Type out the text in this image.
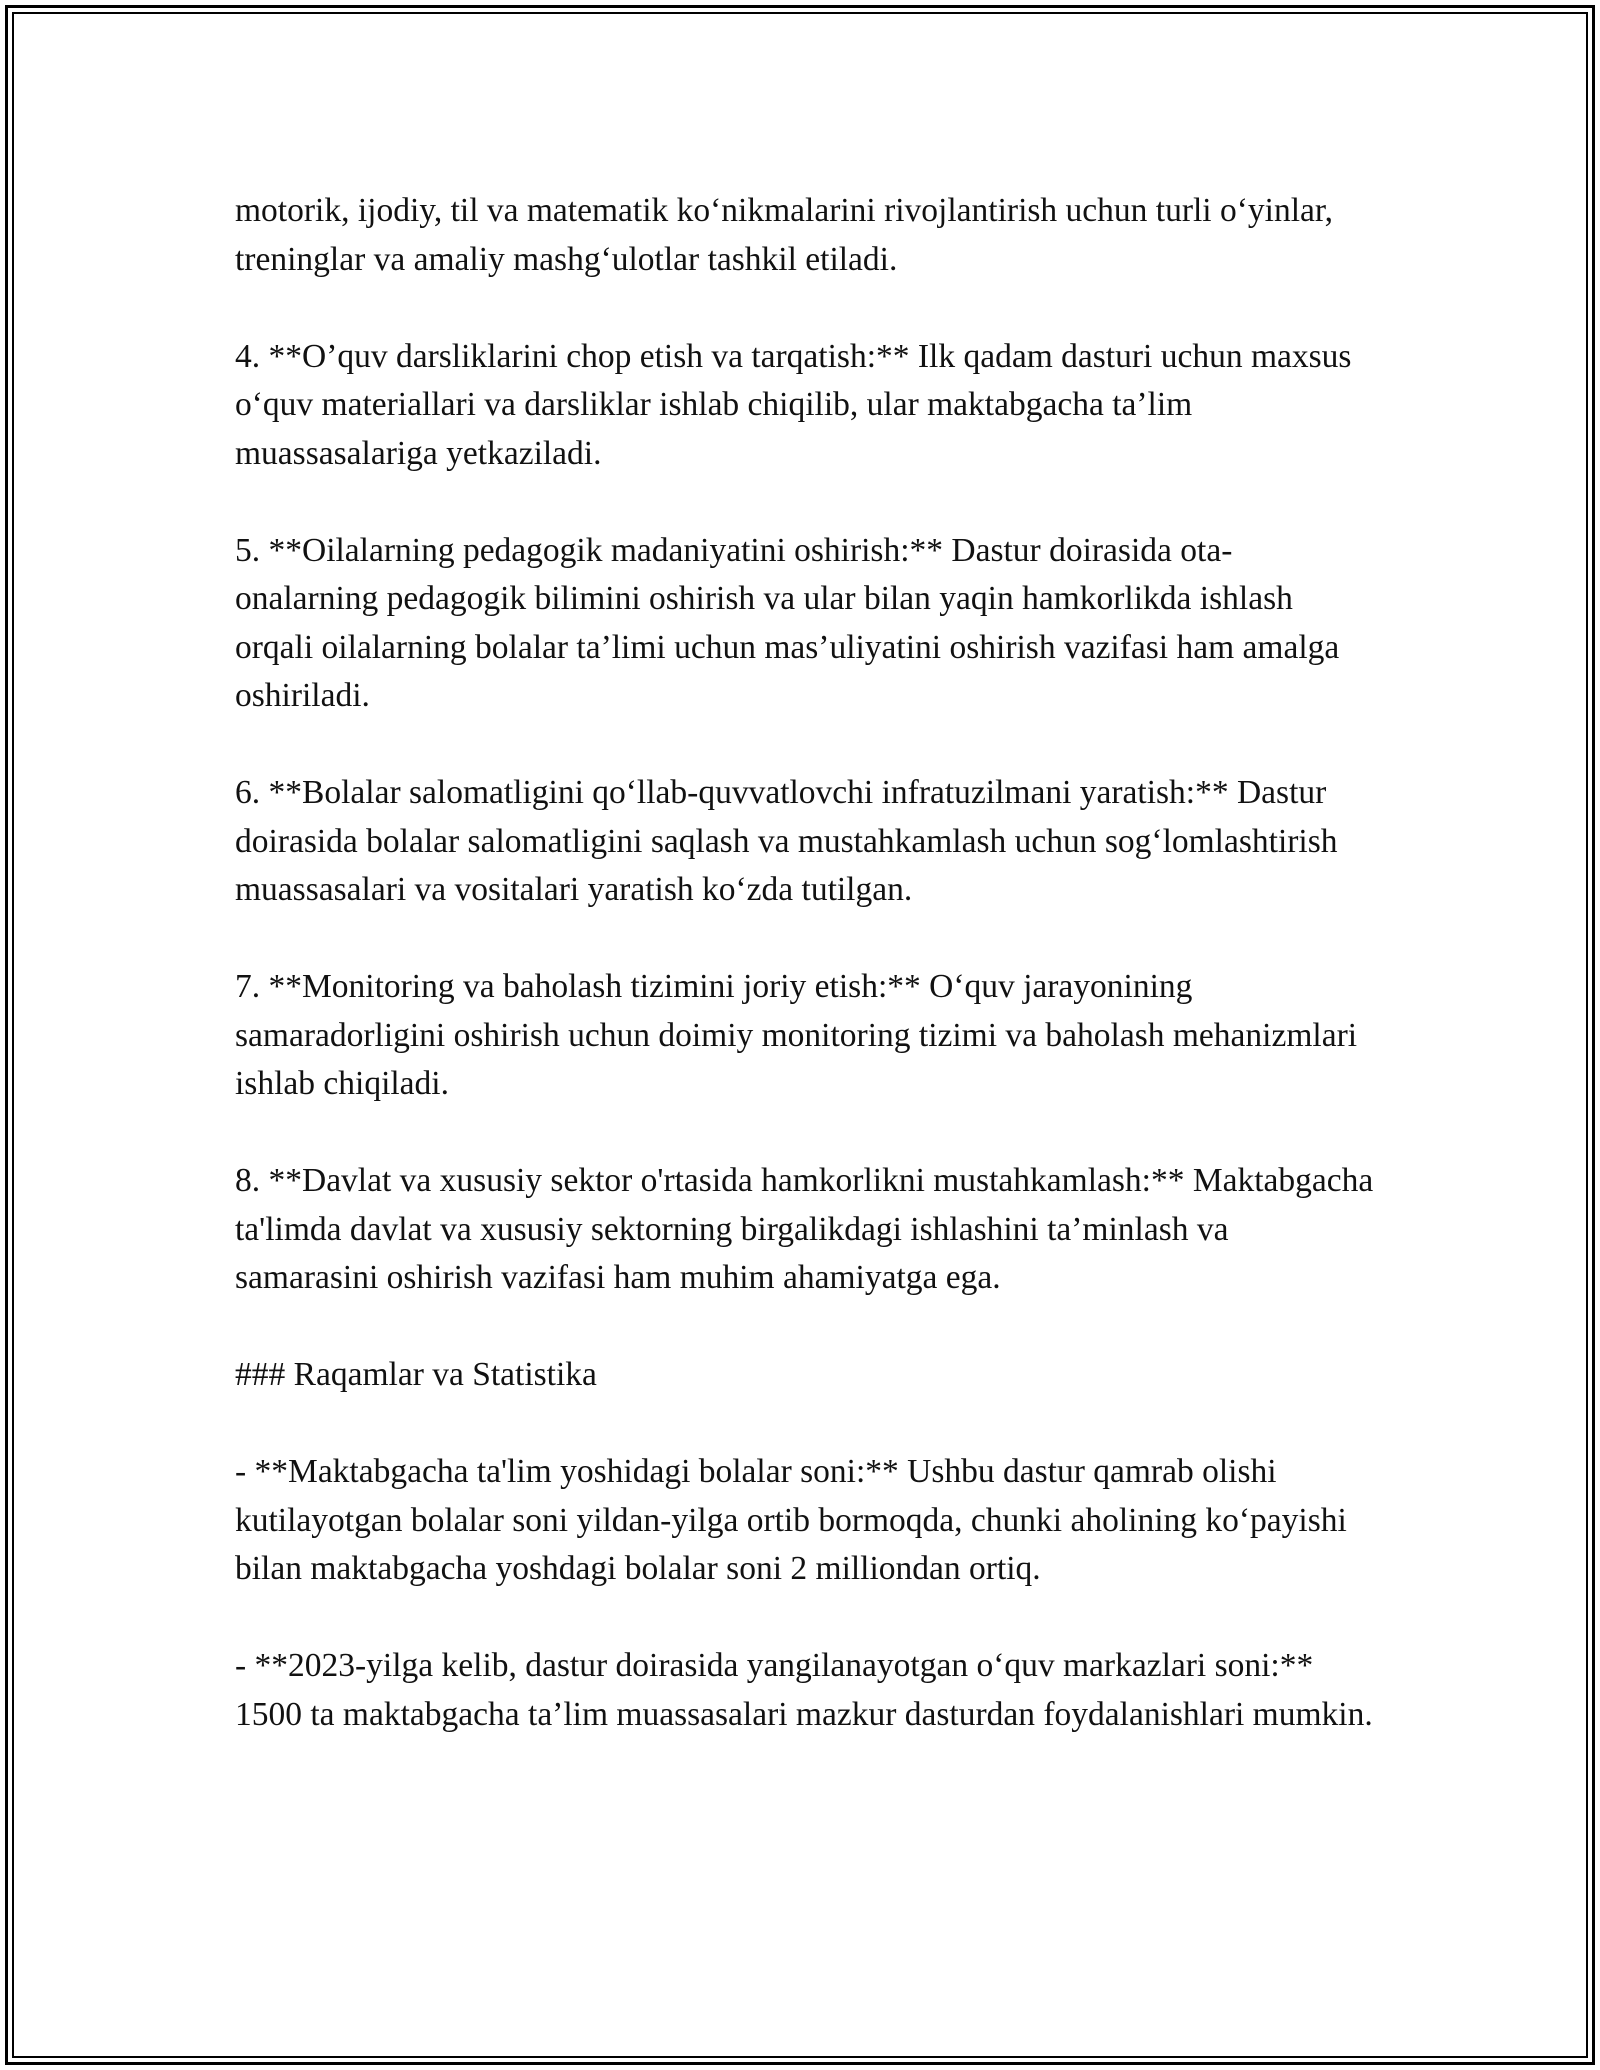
motorik, ijodiy, til va matematik ko‘nikmalarini rivojlantirish uchun turli o‘yinlar, treninglar va amaliy mashg‘ulotlar tashkil etiladi.

4. **O’quv darsliklarini chop etish va tarqatish:** Ilk qadam dasturi uchun maxsus o‘quv materiallari va darsliklar ishlab chiqilib, ular maktabgacha ta’lim muassasalariga yetkaziladi.

5. **Oilalarning pedagogik madaniyatini oshirish:** Dastur doirasida ota-onalarning pedagogik bilimini oshirish va ular bilan yaqin hamkorlikda ishlash orqali oilalarning bolalar ta’limi uchun mas’uliyatini oshirish vazifasi ham amalga oshiriladi.

6. **Bolalar salomatligini qo‘llab-quvvatlovchi infratuzilmani yaratish:** Dastur doirasida bolalar salomatligini saqlash va mustahkamlash uchun sog‘lomlashtirish muassasalari va vositalari yaratish ko‘zda tutilgan.

7. **Monitoring va baholash tizimini joriy etish:** O‘quv jarayonining samaradorligini oshirish uchun doimiy monitoring tizimi va baholash mehanizmlari ishlab chiqiladi.

8. **Davlat va xususiy sektor o'rtasida hamkorlikni mustahkamlash:** Maktabgacha ta'limda davlat va xususiy sektorning birgalikdagi ishlashini ta’minlash va samarasini oshirish vazifasi ham muhim ahamiyatga ega.

### Raqamlar va Statistika

- **Maktabgacha ta'lim yoshidagi bolalar soni:** Ushbu dastur qamrab olishi kutilayotgan bolalar soni yildan-yilga ortib bormoqda, chunki aholining ko‘payishi bilan maktabgacha yoshdagi bolalar soni 2 milliondan ortiq.

- **2023-yilga kelib, dastur doirasida yangilanayotgan o‘quv markazlari soni:** 1500 ta maktabgacha ta’lim muassasalari mazkur dasturdan foydalanishlari mumkin.
